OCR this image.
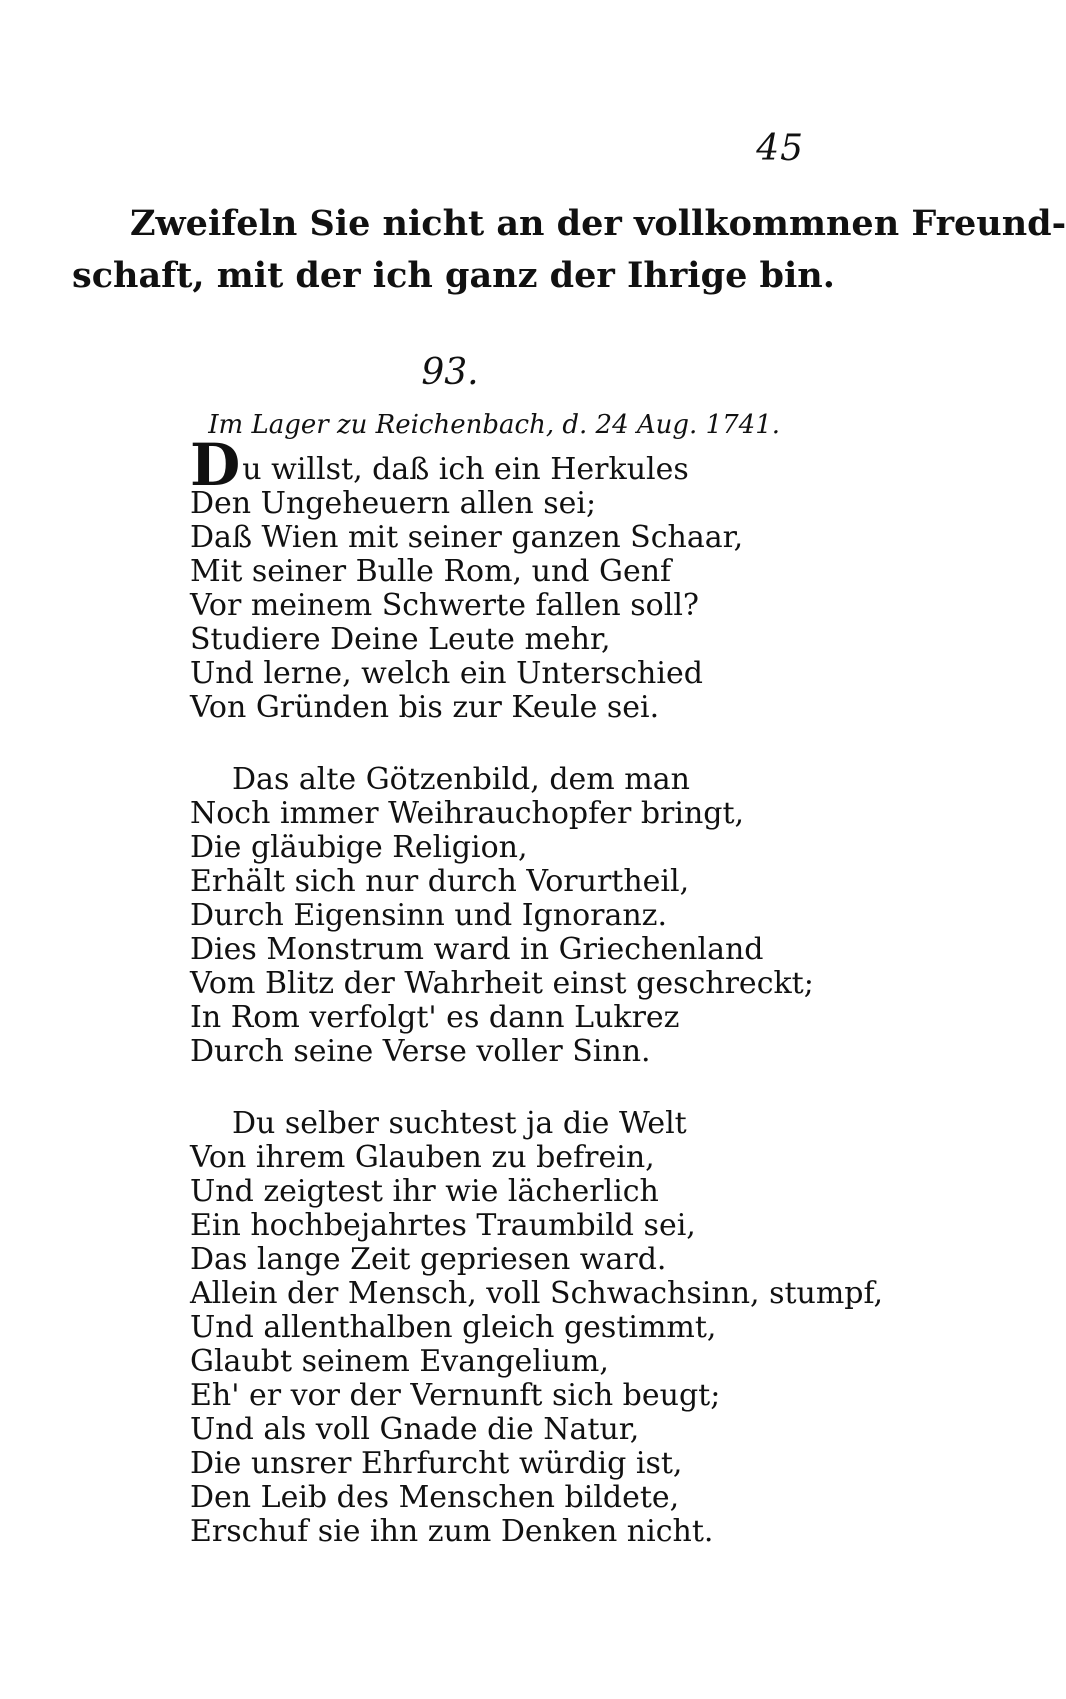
45
Zweifeln Sie nicht an der vollkommnen Freund-
schaft, mit der ich ganz der Ihrige bin.
93.
Im Lager zu Reichenbach, d. 24 Aug. 1741.
Du willst, daß ich ein Herkules
Den Ungeheuern allen sei;
Daß Wien mit seiner ganzen Schaar,
Mit seiner Bulle Rom, und Genf
Vor meinem Schwerte fallen soll?
Studiere Deine Leute mehr,
Und lerne, welch ein Unterschied
Von Gründen bis zur Keule sei.
Das alte Götzenbild, dem man
Noch immer Weihrauchopfer bringt,
Die gläubige Religion,
Erhält sich nur durch Vorurtheil,
Durch Eigensinn und Ignoranz.
Dies Monstrum ward in Griechenland
Vom Blitz der Wahrheit einst geschreckt;
In Rom verfolgt' es dann Lukrez
Durch seine Verse voller Sinn.
Du selber suchtest ja die Welt
Von ihrem Glauben zu befrein,
Und zeigtest ihr wie lächerlich
Ein hochbejahrtes Traumbild sei,
Das lange Zeit gepriesen ward.
Allein der Mensch, voll Schwachsinn, stumpf,
Und allenthalben gleich gestimmt,
Glaubt seinem Evangelium,
Eh' er vor der Vernunft sich beugt;
Und als voll Gnade die Natur,
Die unsrer Ehrfurcht würdig ist,
Den Leib des Menschen bildete,
Erschuf sie ihn zum Denken nicht.
